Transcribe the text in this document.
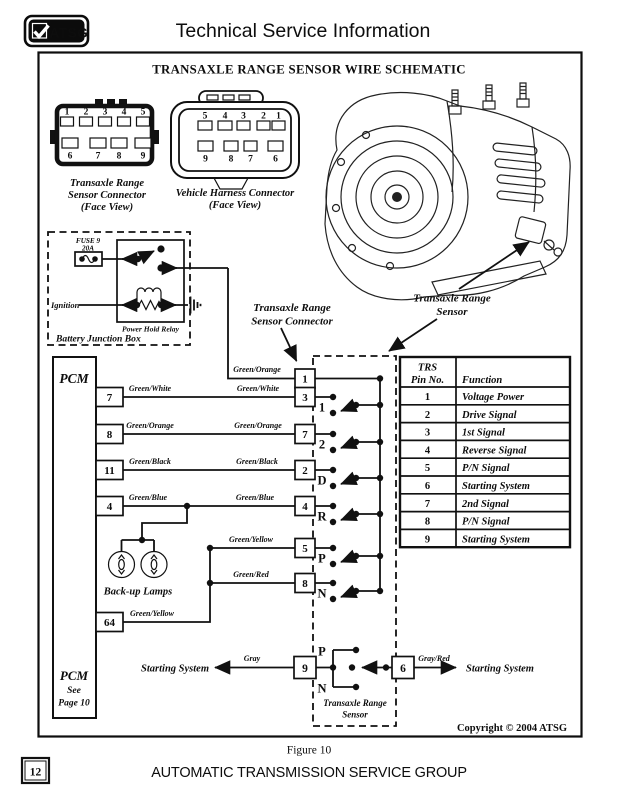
ATSG	Technical Service Information
TRANSAXLE RANGE SENSOR WIRE SCHEMATIC
1 2 3 4 5
6 7 8 9
Transaxle Range
Sensor Connector
(Face View)
5 4 3 2 1
9 8 7 6
Vehicle Harness Connector
(Face View)
FUSE 9
20A
Ignition
Power Hold Relay
Battery Junction Box
Green/Orange
PCM
PCM
See
Page 10
7
8
11
4
64
Green/White	Green/White
Green/Orange	Green/Orange
Green/Black	Green/Black
Green/Blue	Green/Blue
Green/Yellow
Green/Red
Green/Yellow
Back-up Lamps
1
2
D
R
P
N
1
3
7
2
4
5
8
Transaxle Range
Sensor Connector
Transaxle Range
Sensor
Starting System
Gray
9
P
N
6
Gray/Red
Starting System
Transaxle Range
Sensor
TRS
Pin No. Function
1	Voltage Power
2	Drive Signal
3	1st Signal
4	Reverse Signal
5	P/N Signal
6	Starting System
7	2nd Signal
8	P/N Signal
9	Starting System
Copyright © 2004 ATSG
Figure 10
12	AUTOMATIC TRANSMISSION SERVICE GROUP
